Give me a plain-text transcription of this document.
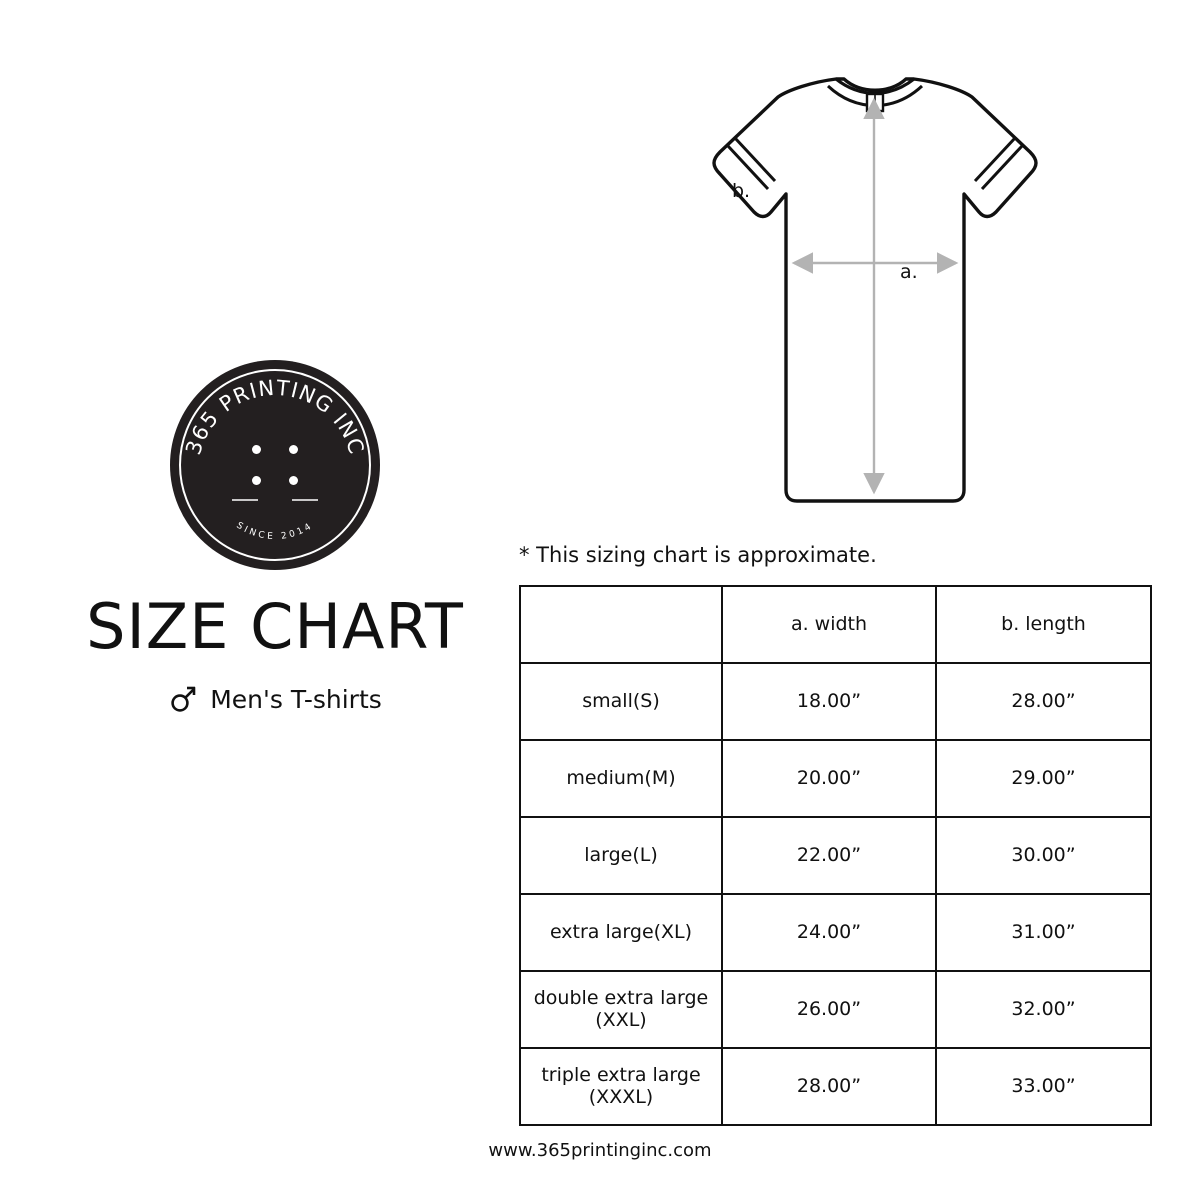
365 PRINTING INC
SINCE 2014
SIZE CHART
Men's T-shirts
a.
b.
* This sizing chart is approximate.
	a. width	b. length
small(S)	18.00”	28.00”
medium(M)	20.00”	29.00”
large(L)	22.00”	30.00”
extra large(XL)	24.00”	31.00”
double extra large (XXL)	26.00”	32.00”
triple extra large (XXXL)	28.00”	33.00”
www.365printinginc.com
